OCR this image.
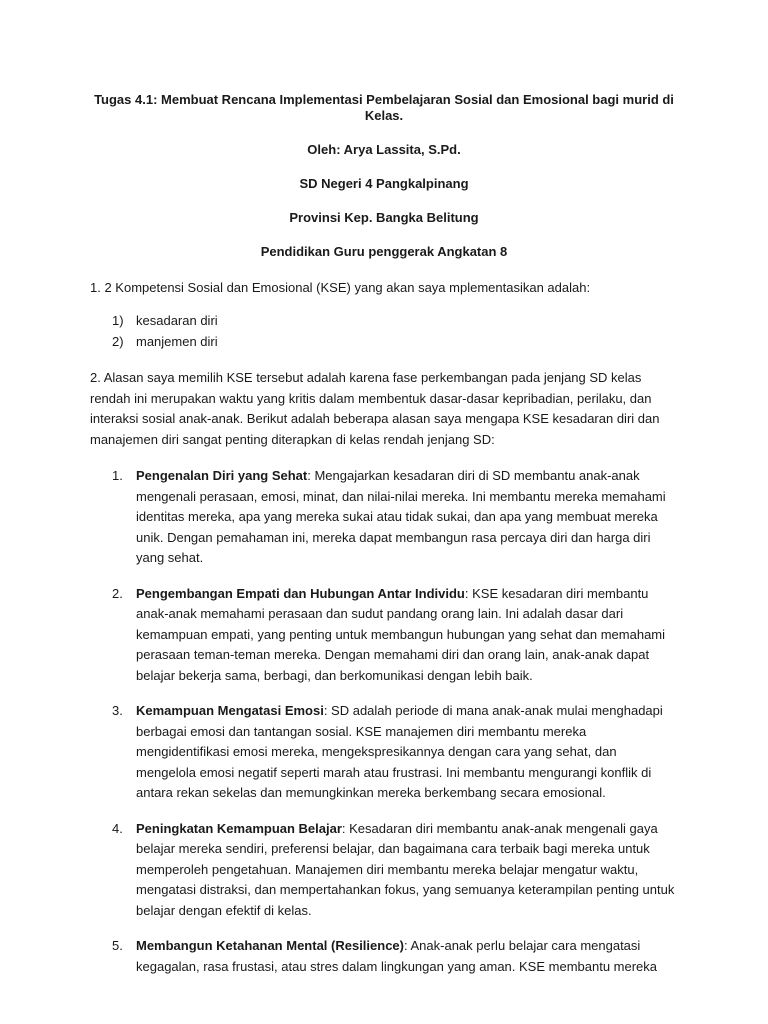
Tugas 4.1: Membuat Rencana Implementasi Pembelajaran Sosial dan Emosional bagi murid di Kelas.

Oleh: Arya Lassita, S.Pd.

SD Negeri 4 Pangkalpinang

Provinsi Kep. Bangka Belitung

Pendidikan Guru penggerak Angkatan 8

1. 2 Kompetensi Sosial dan Emosional (KSE) yang akan saya mplementasikan adalah:

1) kesadaran diri
2) manjemen diri

2. Alasan saya memilih KSE tersebut adalah karena fase perkembangan pada jenjang SD kelas rendah ini merupakan waktu yang kritis dalam membentuk dasar-dasar kepribadian, perilaku, dan interaksi sosial anak-anak. Berikut adalah beberapa alasan saya mengapa KSE kesadaran diri dan manajemen diri sangat penting diterapkan di kelas rendah jenjang SD:

1.	Pengenalan Diri yang Sehat: Mengajarkan kesadaran diri di SD membantu anak-anak mengenali perasaan, emosi, minat, dan nilai-nilai mereka. Ini membantu mereka memahami identitas mereka, apa yang mereka sukai atau tidak sukai, dan apa yang membuat mereka unik. Dengan pemahaman ini, mereka dapat membangun rasa percaya diri dan harga diri yang sehat.
2.	Pengembangan Empati dan Hubungan Antar Individu: KSE kesadaran diri membantu anak-anak memahami perasaan dan sudut pandang orang lain. Ini adalah dasar dari kemampuan empati, yang penting untuk membangun hubungan yang sehat dan memahami perasaan teman-teman mereka. Dengan memahami diri dan orang lain, anak-anak dapat belajar bekerja sama, berbagi, dan berkomunikasi dengan lebih baik.
3.	Kemampuan Mengatasi Emosi: SD adalah periode di mana anak-anak mulai menghadapi berbagai emosi dan tantangan sosial. KSE manajemen diri membantu mereka mengidentifikasi emosi mereka, mengekspresikannya dengan cara yang sehat, dan mengelola emosi negatif seperti marah atau frustrasi. Ini membantu mengurangi konflik di antara rekan sekelas dan memungkinkan mereka berkembang secara emosional.
4.	Peningkatan Kemampuan Belajar: Kesadaran diri membantu anak-anak mengenali gaya belajar mereka sendiri, preferensi belajar, dan bagaimana cara terbaik bagi mereka untuk memperoleh pengetahuan. Manajemen diri membantu mereka belajar mengatur waktu, mengatasi distraksi, dan mempertahankan fokus, yang semuanya keterampilan penting untuk belajar dengan efektif di kelas.
5.	Membangun Ketahanan Mental (Resilience): Anak-anak perlu belajar cara mengatasi kegagalan, rasa frustasi, atau stres dalam lingkungan yang aman. KSE membantu mereka
